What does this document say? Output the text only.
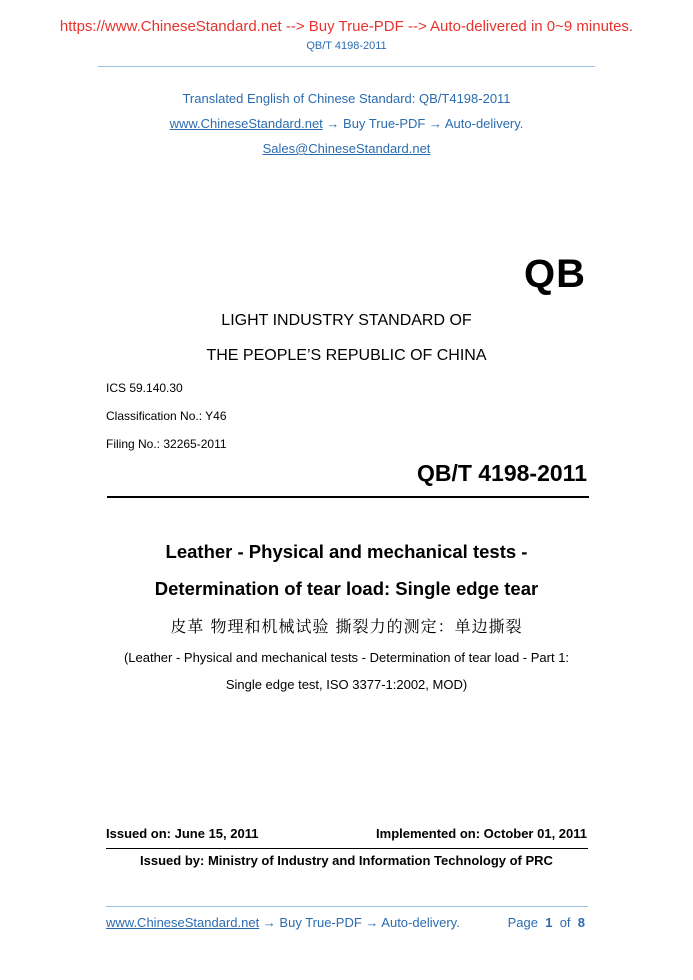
https://www.ChineseStandard.net --> Buy True-PDF --> Auto-delivered in 0~9 minutes.
QB/T 4198-2011
Translated English of Chinese Standard: QB/T4198-2011
www.ChineseStandard.net → Buy True-PDF → Auto-delivery.
Sales@ChineseStandard.net
QB
LIGHT INDUSTRY STANDARD OF
THE PEOPLE’S REPUBLIC OF CHINA
ICS 59.140.30
Classification No.: Y46
Filing No.: 32265-2011
QB/T 4198-2011
Leather - Physical and mechanical tests -
Determination of tear load: Single edge tear
皮革 物理和机械试验 撕裂力的测定：单边撕裂
(Leather - Physical and mechanical tests - Determination of tear load - Part 1:
Single edge test, ISO 3377-1:2002, MOD)
Issued on: June 15, 2011	Implemented on: October 01, 2011
Issued by: Ministry of Industry and Information Technology of PRC
www.ChineseStandard.net → Buy True-PDF → Auto-delivery.	Page 1 of 8
